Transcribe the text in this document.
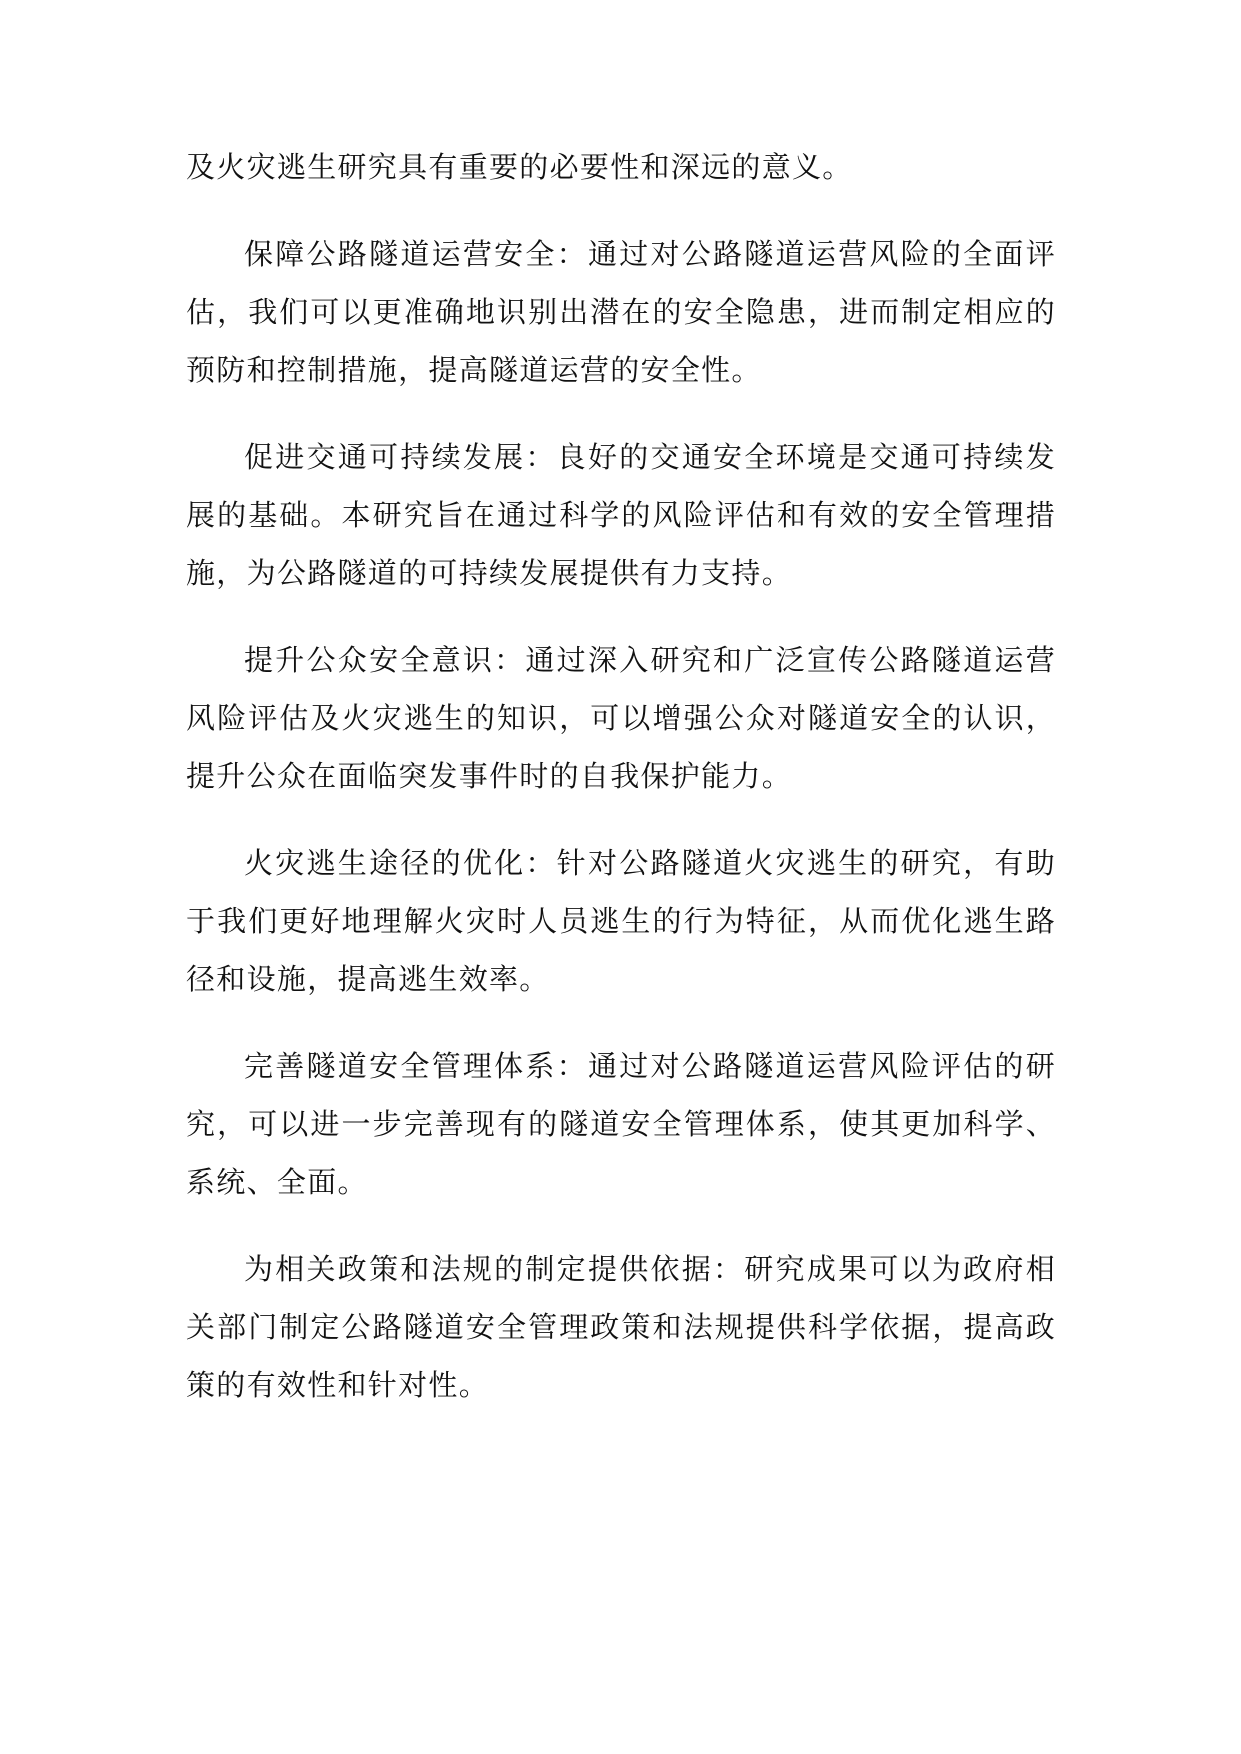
及火灾逃生研究具有重要的必要性和深远的意义。

保障公路隧道运营安全：通过对公路隧道运营风险的全面评估，我们可以更准确地识别出潜在的安全隐患，进而制定相应的预防和控制措施，提高隧道运营的安全性。

促进交通可持续发展：良好的交通安全环境是交通可持续发展的基础。本研究旨在通过科学的风险评估和有效的安全管理措施，为公路隧道的可持续发展提供有力支持。

提升公众安全意识：通过深入研究和广泛宣传公路隧道运营风险评估及火灾逃生的知识，可以增强公众对隧道安全的认识，提升公众在面临突发事件时的自我保护能力。

火灾逃生途径的优化：针对公路隧道火灾逃生的研究，有助于我们更好地理解火灾时人员逃生的行为特征，从而优化逃生路径和设施，提高逃生效率。

完善隧道安全管理体系：通过对公路隧道运营风险评估的研究，可以进一步完善现有的隧道安全管理体系，使其更加科学、系统、全面。

为相关政策和法规的制定提供依据：研究成果可以为政府相关部门制定公路隧道安全管理政策和法规提供科学依据，提高政策的有效性和针对性。
